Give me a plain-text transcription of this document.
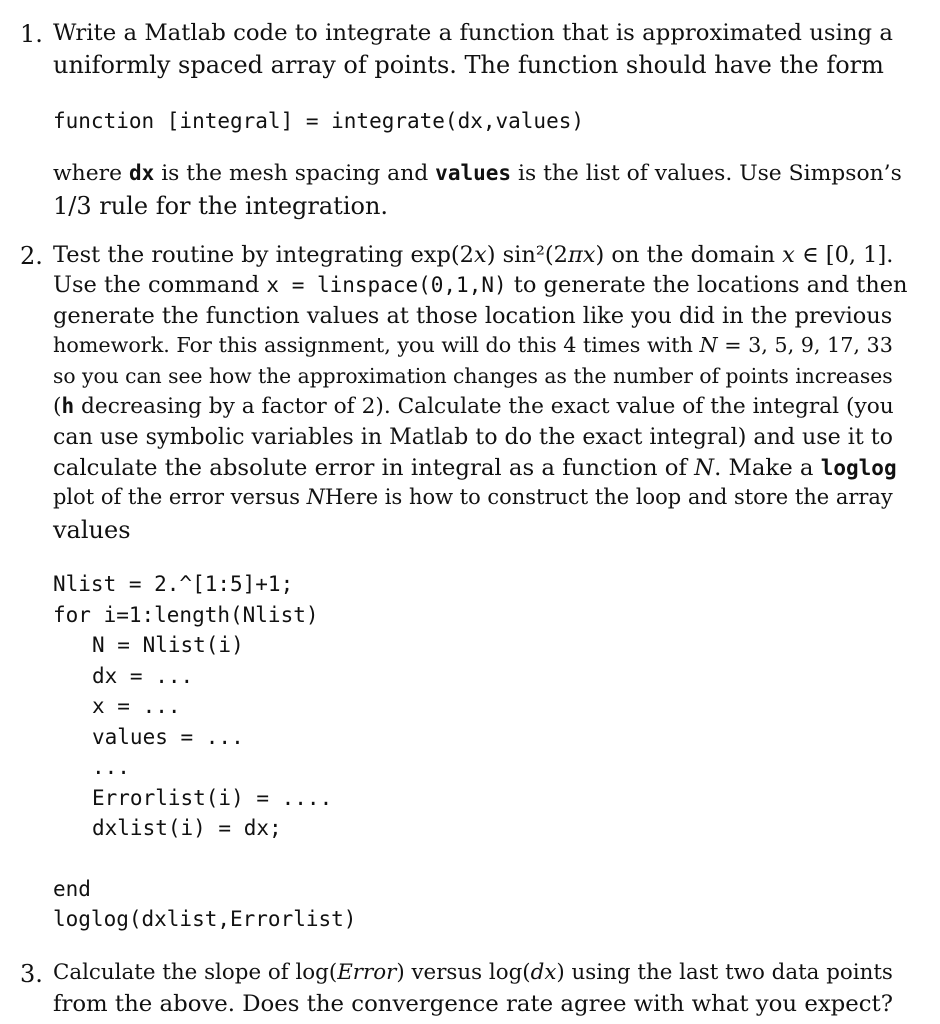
1. Write a Matlab code to integrate a function that is approximated using a
uniformly spaced array of points. The function should have the form
function [integral] = integrate(dx,values)
where dx is the mesh spacing and values is the list of values. Use Simpson’s
1/3 rule for the integration.
2. Test the routine by integrating exp(2x) sin²(2πx) on the domain x ∈ [0, 1].
Use the command x = linspace(0,1,N) to generate the locations and then
generate the function values at those location like you did in the previous
homework. For this assignment, you will do this 4 times with N = 3, 5, 9, 17, 33
so you can see how the approximation changes as the number of points increases
(h decreasing by a factor of 2). Calculate the exact value of the integral (you
can use symbolic variables in Matlab to do the exact integral) and use it to
calculate the absolute error in integral as a function of N. Make a loglog
plot of the error versus NHere is how to construct the loop and store the array
values
Nlist = 2.^[1:5]+1;
for i=1:length(Nlist)
N = Nlist(i)
dx = ...
x = ...
values = ...
...
Errorlist(i) = ....
dxlist(i) = dx;
end
loglog(dxlist,Errorlist)
3. Calculate the slope of log(Error) versus log(dx) using the last two data points
from the above. Does the convergence rate agree with what you expect?
